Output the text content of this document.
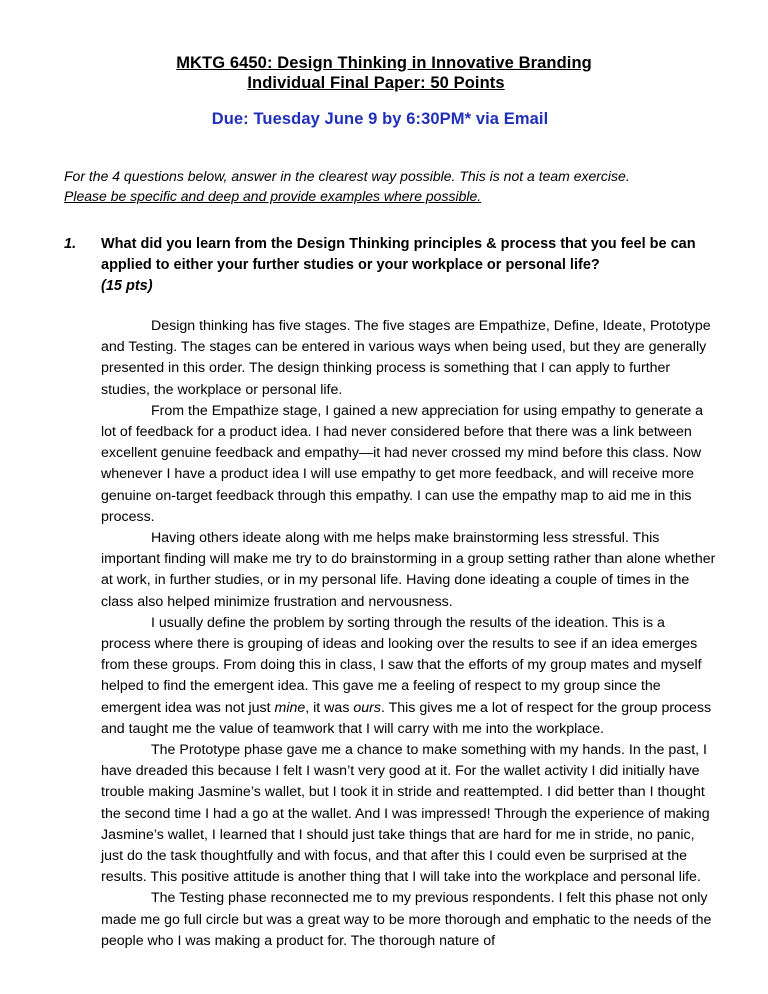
MKTG 6450: Design Thinking in Innovative Branding
Individual Final Paper: 50 Points
Due: Tuesday June 9 by 6:30PM* via Email
For the 4 questions below, answer in the clearest way possible. This is not a team exercise.
Please be specific and deep and provide examples where possible.
1. What did you learn from the Design Thinking principles & process that you feel be can applied to either your further studies or your workplace or personal life?
(15 pts)

Design thinking has five stages. The five stages are Empathize, Define, Ideate, Prototype and Testing. The stages can be entered in various ways when being used, but they are generally presented in this order. The design thinking process is something that I can apply to further studies, the workplace or personal life.

From the Empathize stage, I gained a new appreciation for using empathy to generate a lot of feedback for a product idea. I had never considered before that there was a link between excellent genuine feedback and empathy—it had never crossed my mind before this class. Now whenever I have a product idea I will use empathy to get more feedback, and will receive more genuine on-target feedback through this empathy. I can use the empathy map to aid me in this process.

Having others ideate along with me helps make brainstorming less stressful. This important finding will make me try to do brainstorming in a group setting rather than alone whether at work, in further studies, or in my personal life. Having done ideating a couple of times in the class also helped minimize frustration and nervousness.

I usually define the problem by sorting through the results of the ideation. This is a process where there is grouping of ideas and looking over the results to see if an idea emerges from these groups. From doing this in class, I saw that the efforts of my group mates and myself helped to find the emergent idea. This gave me a feeling of respect to my group since the emergent idea was not just mine, it was ours. This gives me a lot of respect for the group process and taught me the value of teamwork that I will carry with me into the workplace.

The Prototype phase gave me a chance to make something with my hands. In the past, I have dreaded this because I felt I wasn’t very good at it. For the wallet activity I did initially have trouble making Jasmine’s wallet, but I took it in stride and reattempted. I did better than I thought the second time I had a go at the wallet. And I was impressed! Through the experience of making Jasmine’s wallet, I learned that I should just take things that are hard for me in stride, no panic, just do the task thoughtfully and with focus, and that after this I could even be surprised at the results. This positive attitude is another thing that I will take into the workplace and personal life.

The Testing phase reconnected me to my previous respondents. I felt this phase not only made me go full circle but was a great way to be more thorough and emphatic to the needs of the people who I was making a product for. The thorough nature of
